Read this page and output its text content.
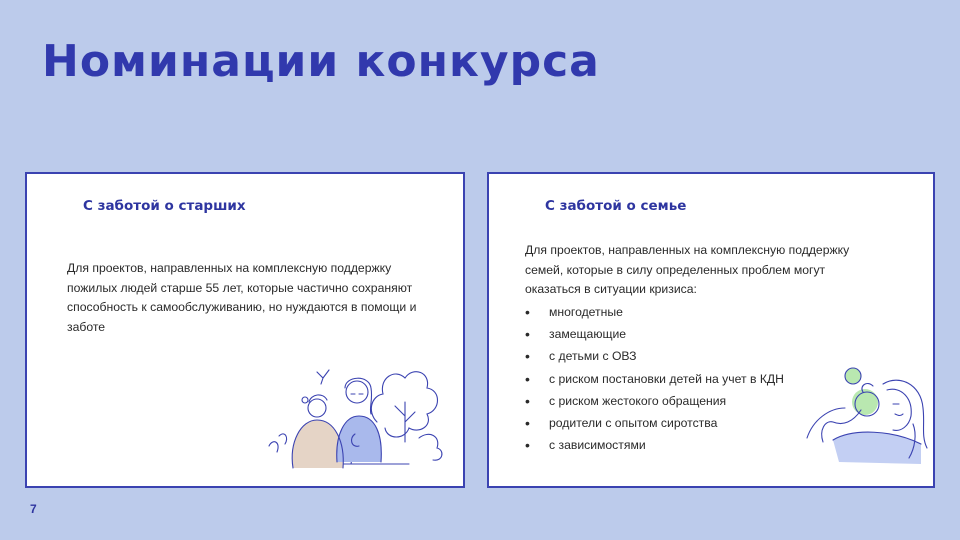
Номинации конкурса
С заботой о старших

Для проектов, направленных на комплексную поддержку пожилых людей старше 55 лет, которые частично сохраняют способность к самообслуживанию, но нуждаются в помощи и заботе

С заботой о семье

Для проектов, направленных на комплексную поддержку семей, которые в силу определенных проблем могут оказаться в ситуации кризиса:

• многодетные
• замещающие
• с детьми с ОВЗ
• с риском постановки детей на учет в КДН
• с риском жестокого обращения
• родители с опытом сиротства
• с зависимостями
7
